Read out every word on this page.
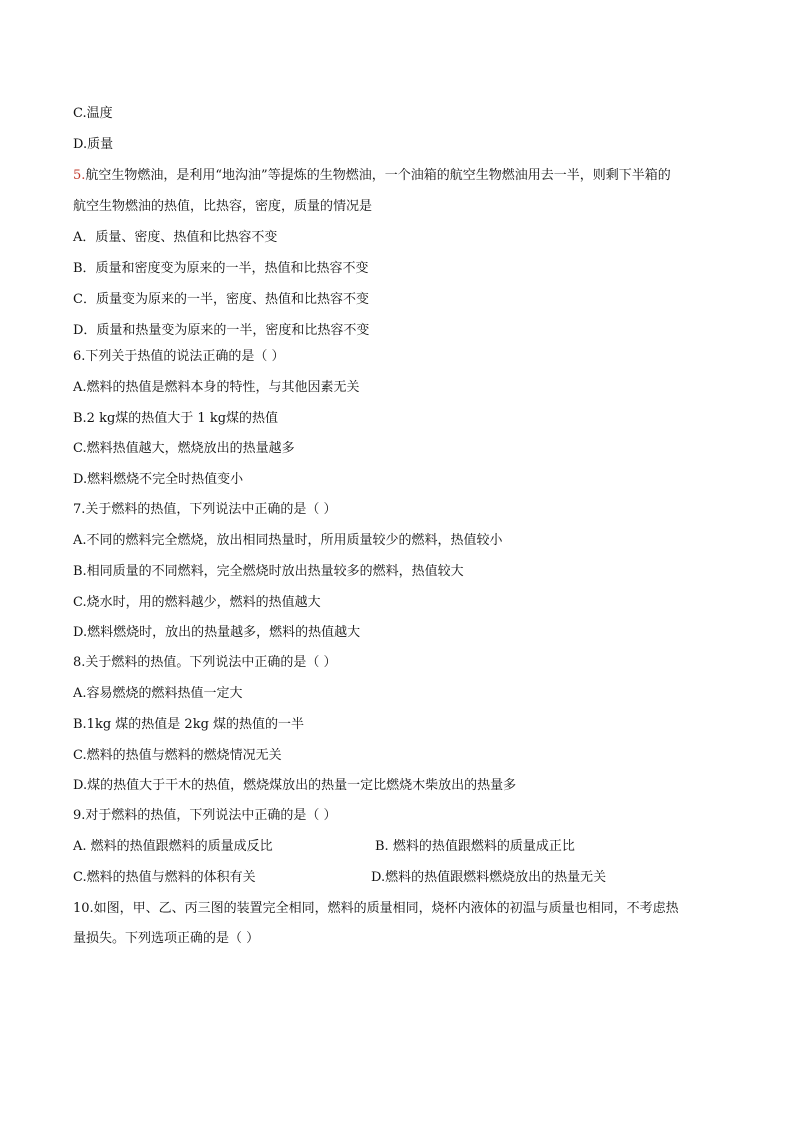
C.温度
D.质量
5.航空生物燃油，是利用“地沟油”等提炼的生物燃油，一个油箱的航空生物燃油用去一半，则剩下半箱的
航空生物燃油的热值，比热容，密度，质量的情况是
A．质量、密度、热值和比热容不变
B．质量和密度变为原来的一半，热值和比热容不变
C．质量变为原来的一半，密度、热值和比热容不变
D．质量和热量变为原来的一半，密度和比热容不变
6.下列关于热值的说法正确的是（ ）
A.燃料的热值是燃料本身的特性，与其他因素无关
B.2 kg煤的热值大于 1 kg煤的热值
C.燃料热值越大，燃烧放出的热量越多
D.燃料燃烧不完全时热值变小
7.关于燃料的热值，下列说法中正确的是（ ）
A.不同的燃料完全燃烧，放出相同热量时，所用质量较少的燃料，热值较小
B.相同质量的不同燃料，完全燃烧时放出热量较多的燃料，热值较大
C.烧水时，用的燃料越少，燃料的热值越大
D.燃料燃烧时，放出的热量越多，燃料的热值越大
8.关于燃料的热值。下列说法中正确的是（ ）
A.容易燃烧的燃料热值一定大
B.1kg 煤的热值是 2kg 煤的热值的一半
C.燃料的热值与燃料的燃烧情况无关
D.煤的热值大于干木的热值，燃烧煤放出的热量一定比燃烧木柴放出的热量多
9.对于燃料的热值，下列说法中正确的是（ ）
A. 燃料的热值跟燃料的质量成反比	B. 燃料的热值跟燃料的质量成正比
C.燃料的热值与燃料的体积有关	D.燃料的热值跟燃料燃烧放出的热量无关
10.如图，甲、乙、丙三图的装置完全相同，燃料的质量相同，烧杯内液体的初温与质量也相同，不考虑热
量损失。下列选项正确的是（ ）
